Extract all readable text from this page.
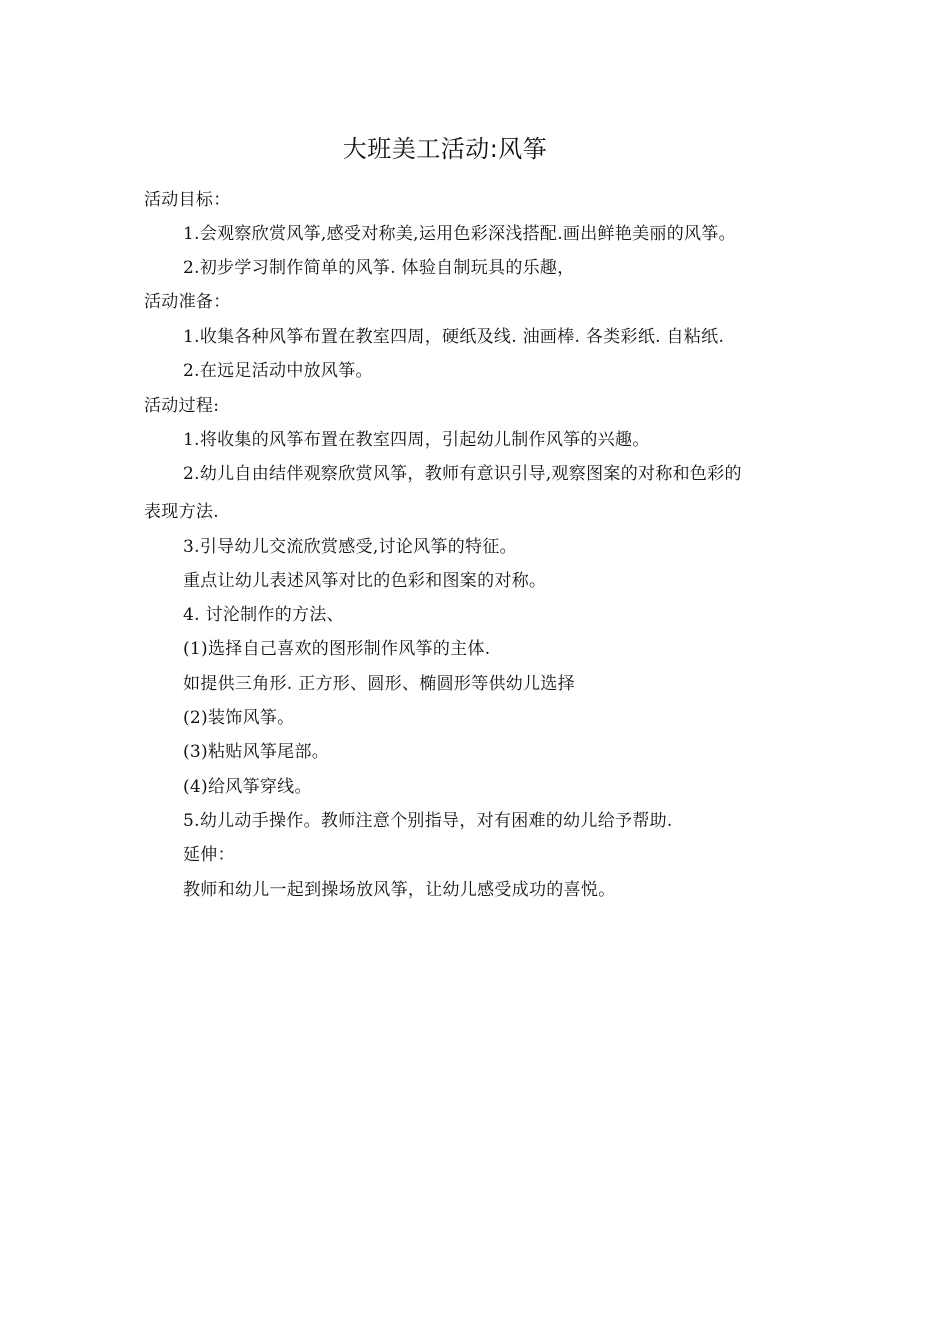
大班美工活动:风筝
活动目标：
1.会观察欣赏风筝,感受对称美,运用色彩深浅搭配.画出鲜艳美丽的风筝。
2.初步学习制作简单的风筝. 体验自制玩具的乐趣，
活动准备：
1.收集各种风筝布置在教室四周，硬纸及线. 油画棒. 各类彩纸. 自粘纸.
2.在远足活动中放风筝。
活动过程:
1.将收集的风筝布置在教室四周，引起幼儿制作风筝的兴趣。
2.幼儿自由结伴观察欣赏风筝，教师有意识引导,观察图案的对称和色彩的
表现方法.
3.引导幼儿交流欣赏感受,讨论风筝的特征。
重点让幼儿表述风筝对比的色彩和图案的对称。
4. 讨沦制作的方法、
(1)选择自己喜欢的图形制作风筝的主体.
如提供三角形. 正方形、圆形、椭圆形等供幼儿选择
(2)装饰风筝。
(3)粘贴风筝尾部。
(4)给风筝穿线。
5.幼儿动手操作。教师注意个别指导，对有困难的幼儿给予帮助.
延伸：
教师和幼儿一起到操场放风筝，让幼儿感受成功的喜悦。
